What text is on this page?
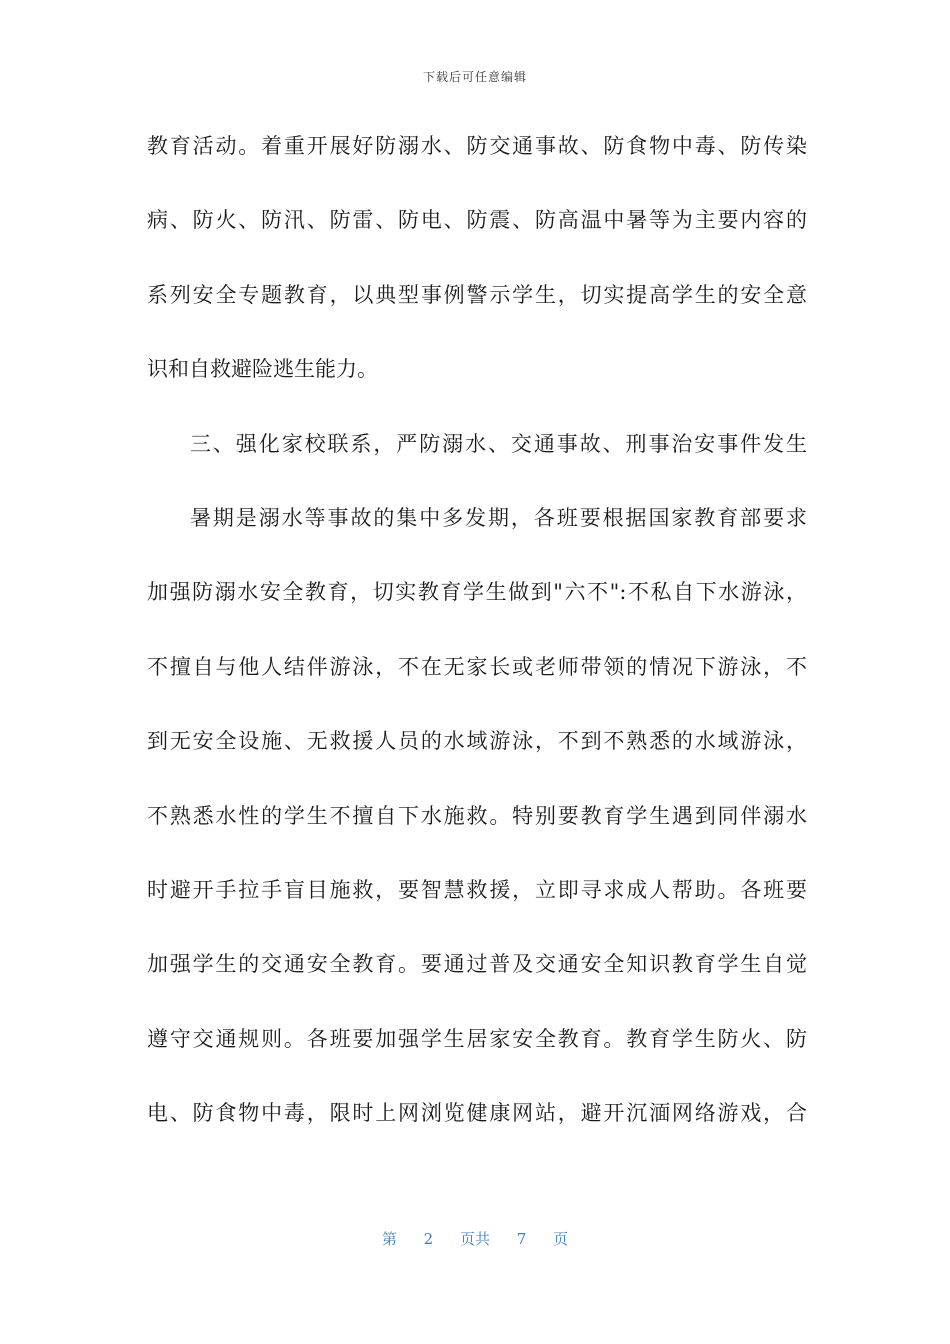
下载后可任意编辑
教育活动。着重开展好防溺水、防交通事故、防食物中毒、防传染
病、防火、防汛、防雷、防电、防震、防高温中暑等为主要内容的
系列安全专题教育，以典型事例警示学生，切实提高学生的安全意
识和自救避险逃生能力。
三、强化家校联系，严防溺水、交通事故、刑事治安事件发生
暑期是溺水等事故的集中多发期，各班要根据国家教育部要求
加强防溺水安全教育，切实教育学生做到"六不":不私自下水游泳，
不擅自与他人结伴游泳，不在无家长或老师带领的情况下游泳，不
到无安全设施、无救援人员的水域游泳，不到不熟悉的水域游泳，
不熟悉水性的学生不擅自下水施救。特别要教育学生遇到同伴溺水
时避开手拉手盲目施救，要智慧救援，立即寻求成人帮助。各班要
加强学生的交通安全教育。要通过普及交通安全知识教育学生自觉
遵守交通规则。各班要加强学生居家安全教育。教育学生防火、防
电、防食物中毒，限时上网浏览健康网站，避开沉湎网络游戏，合
第 2 页共 7 页
